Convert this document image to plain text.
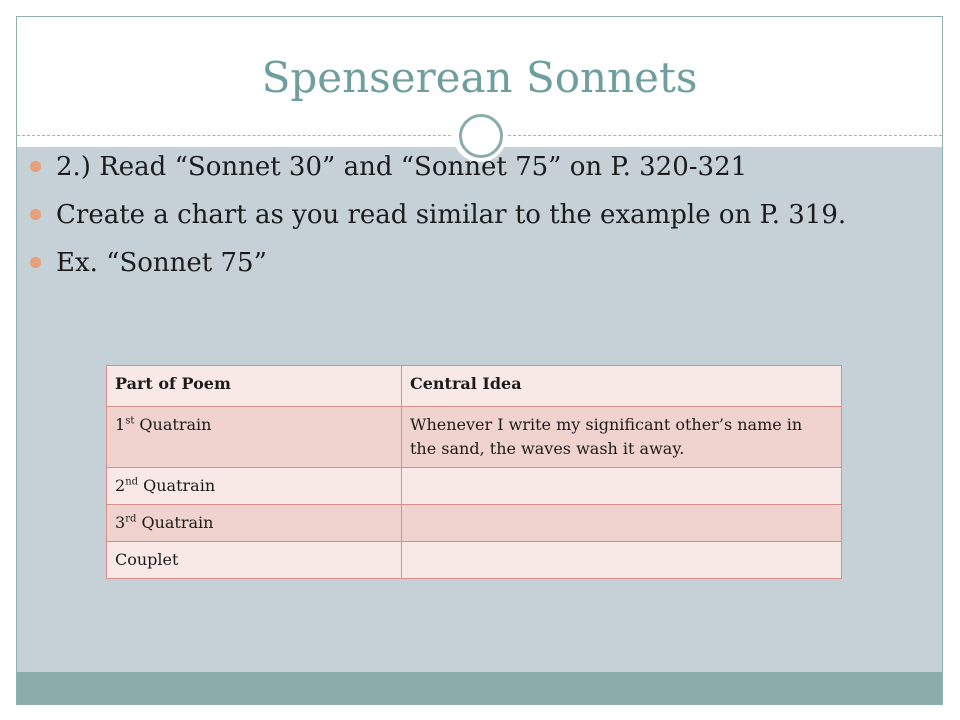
Spenserean Sonnets
2.) Read “Sonnet 30” and “Sonnet 75” on P. 320-321
Create a chart as you read similar to the example on P. 319.
Ex. “Sonnet 75”
Part of Poem	Central Idea
1st Quatrain	Whenever I write my significant other’s name in the sand, the waves wash it away.
2nd Quatrain	
3rd Quatrain	
Couplet	
